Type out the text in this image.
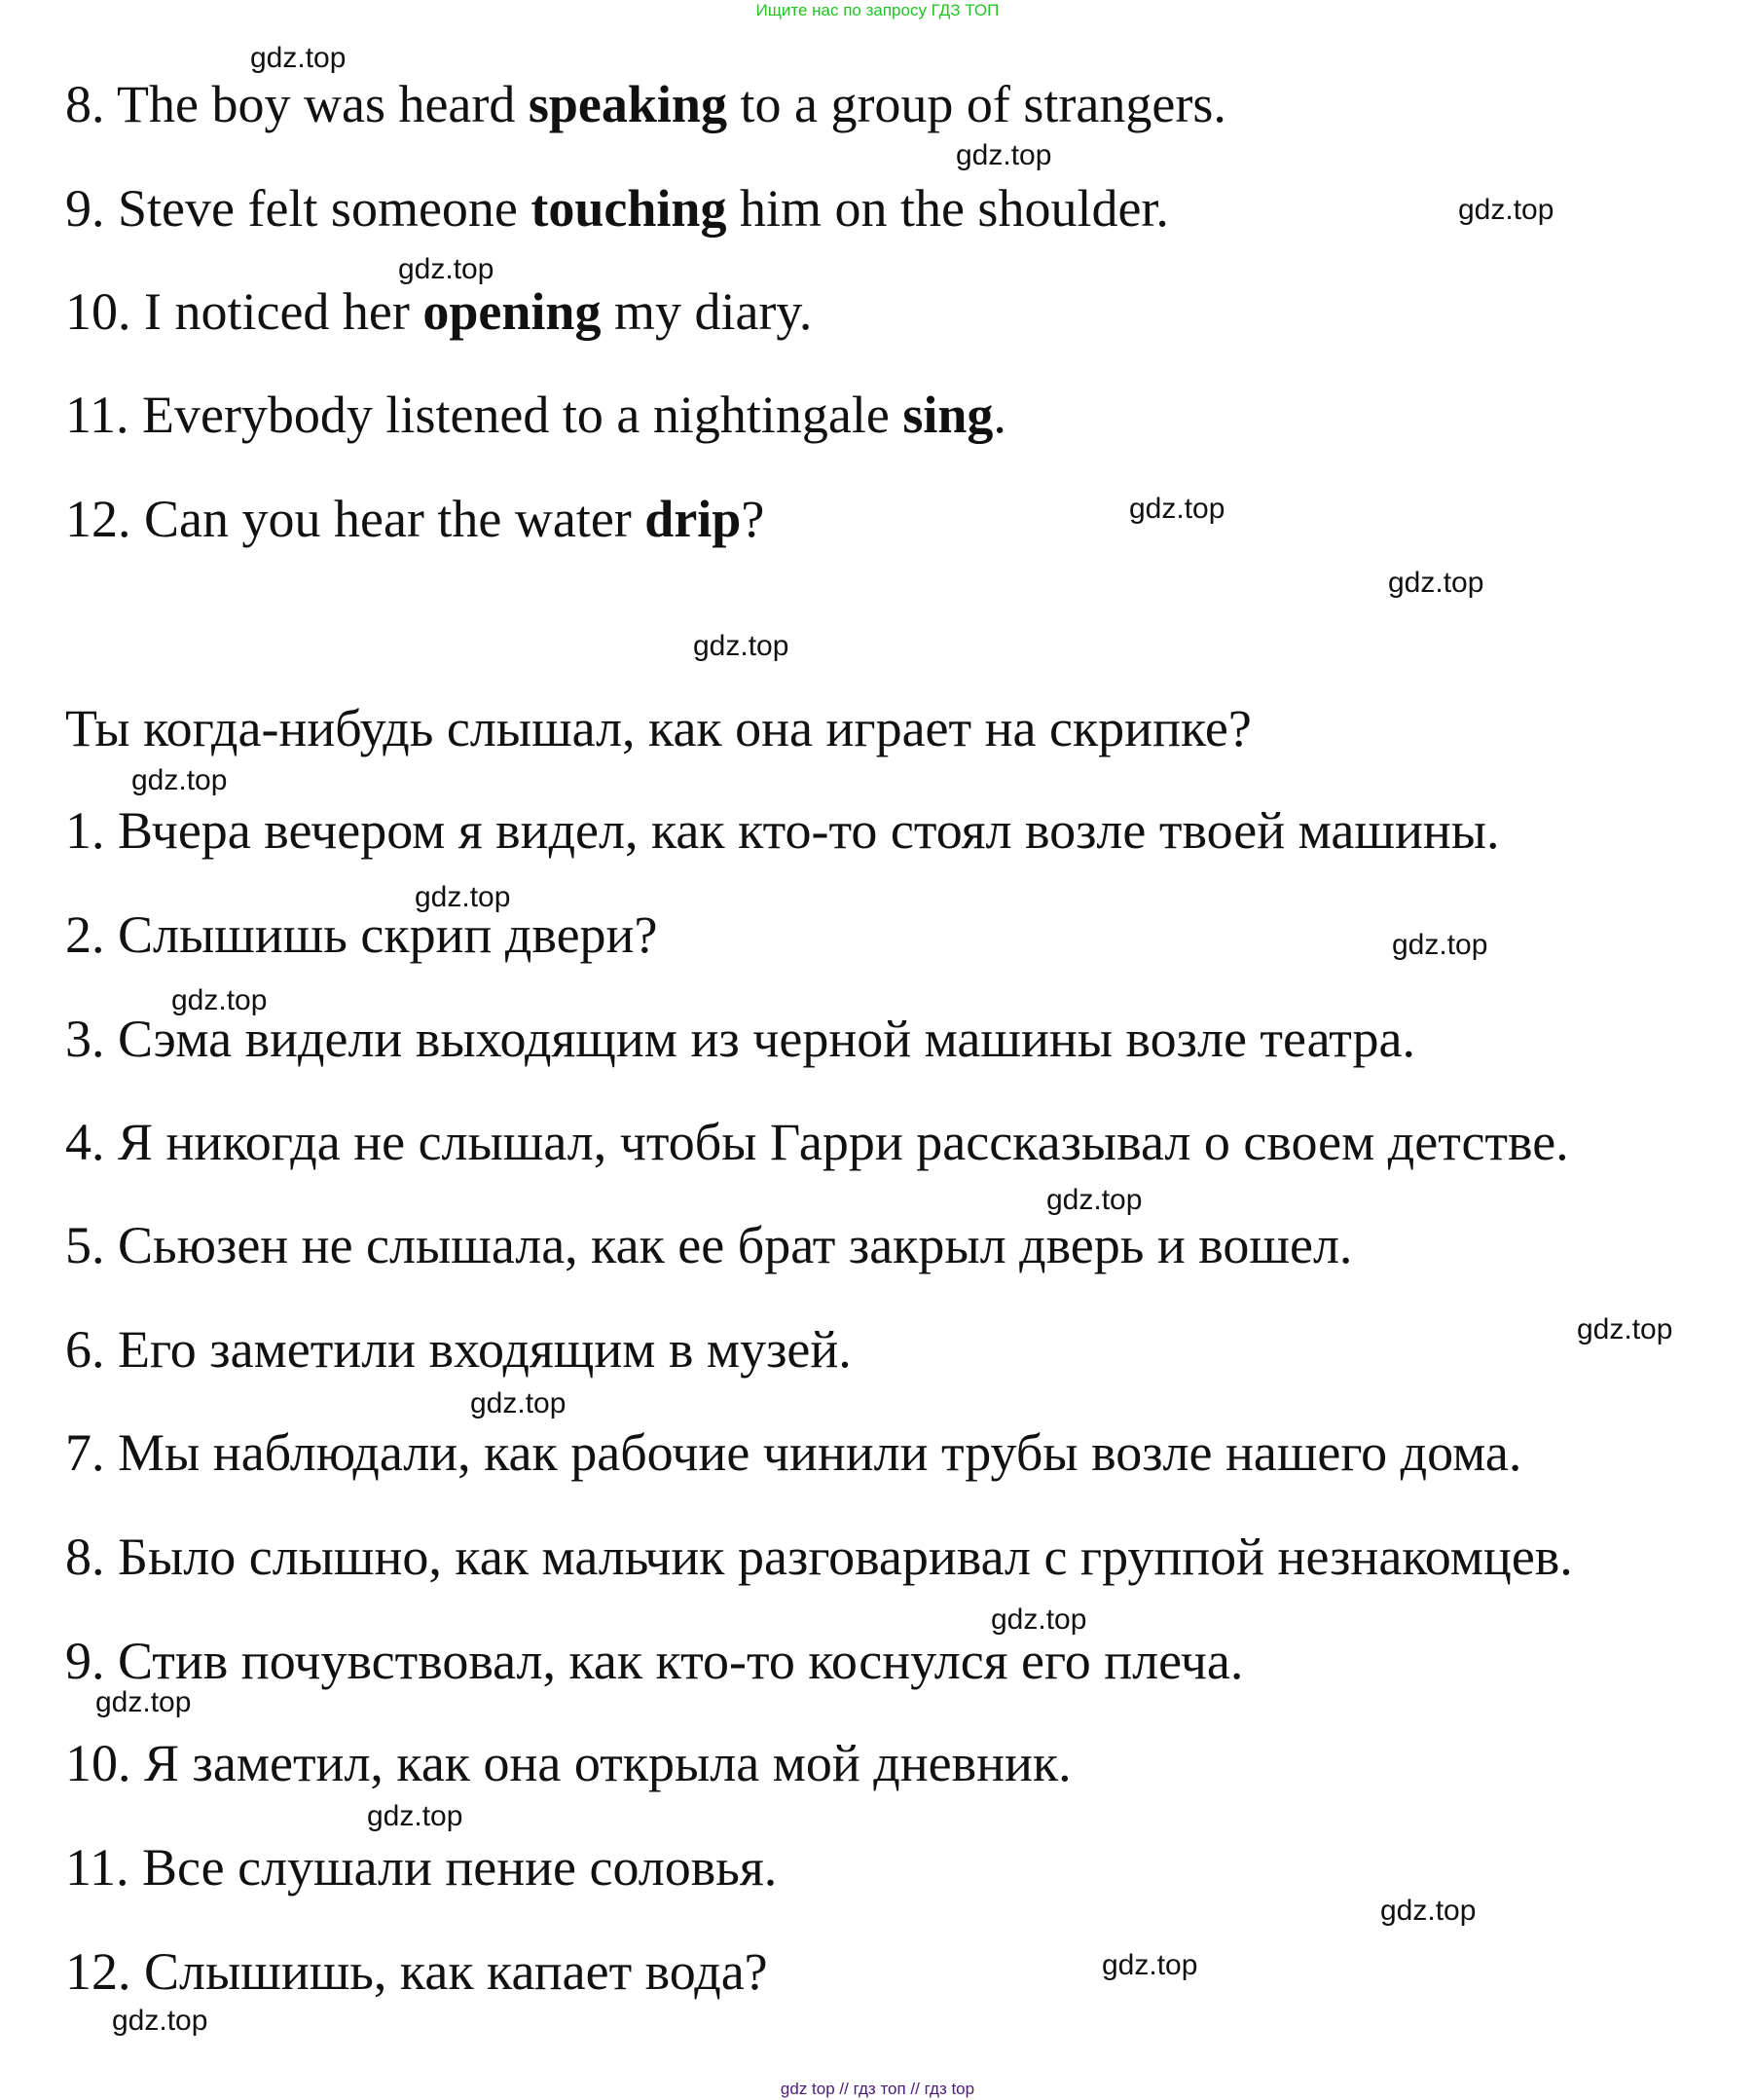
Ищите нас по запросу ГДЗ ТОП
8. The boy was heard speaking to a group of strangers.
9. Steve felt someone touching him on the shoulder.
10. I noticed her opening my diary.
11. Everybody listened to a nightingale sing.
12. Can you hear the water drip?
Ты когда-нибудь слышал, как она играет на скрипке?
1. Вчера вечером я видел, как кто-то стоял возле твоей машины.
2. Слышишь скрип двери?
3. Сэма видели выходящим из черной машины возле театра.
4. Я никогда не слышал, чтобы Гарри рассказывал о своем детстве.
5. Сьюзен не слышала, как ее брат закрыл дверь и вошел.
6. Его заметили входящим в музей.
7. Мы наблюдали, как рабочие чинили трубы возле нашего дома.
8. Было слышно, как мальчик разговаривал с группой незнакомцев.
9. Стив почувствовал, как кто-то коснулся его плеча.
10. Я заметил, как она открыла мой дневник.
11. Все слушали пение соловья.
12. Слышишь, как капает вода?
gdz.top
gdz.top
gdz.top
gdz.top
gdz.top
gdz.top
gdz.top
gdz.top
gdz.top
gdz.top
gdz.top
gdz.top
gdz.top
gdz.top
gdz.top
gdz.top
gdz.top
gdz.top
gdz.top
gdz.top
gdz top // гдз топ // гдз top
